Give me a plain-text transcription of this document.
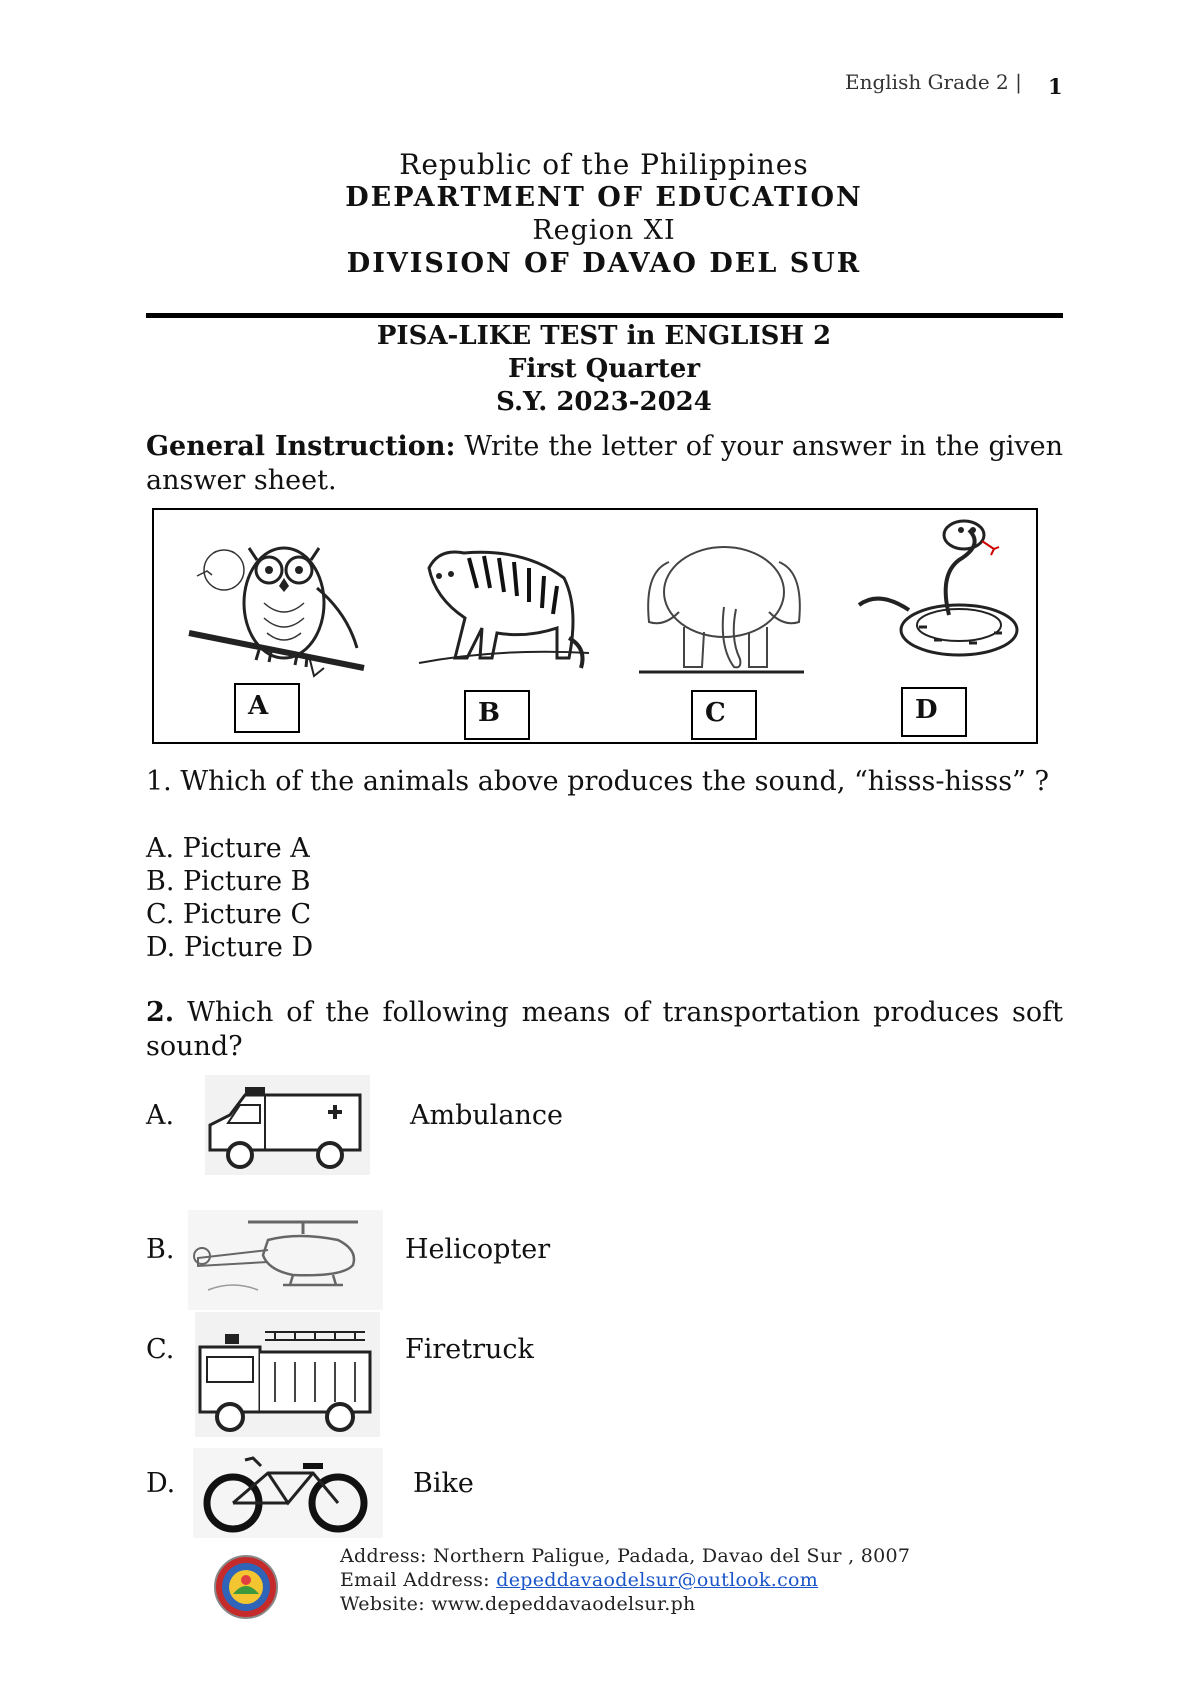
English Grade 2 | 1
Republic of the Philippines
DEPARTMENT OF EDUCATION
Region XI
DIVISION OF DAVAO DEL SUR
PISA-LIKE TEST in ENGLISH 2
First Quarter
S.Y. 2023-2024
General Instruction: Write the letter of your answer in the given answer sheet.
A	B	C	D
1. Which of the animals above produces the sound, “hisss-hisss” ?
A. Picture A
B. Picture B
C. Picture C
D. Picture D
2. Which of the following means of transportation produces soft sound?
A.	Ambulance
B.	Helicopter
C.	Firetruck
D.	Bike
Address: Northern Paligue, Padada, Davao del Sur , 8007
Email Address: depeddavaodelsur@outlook.com
Website: www.depeddavaodelsur.ph
